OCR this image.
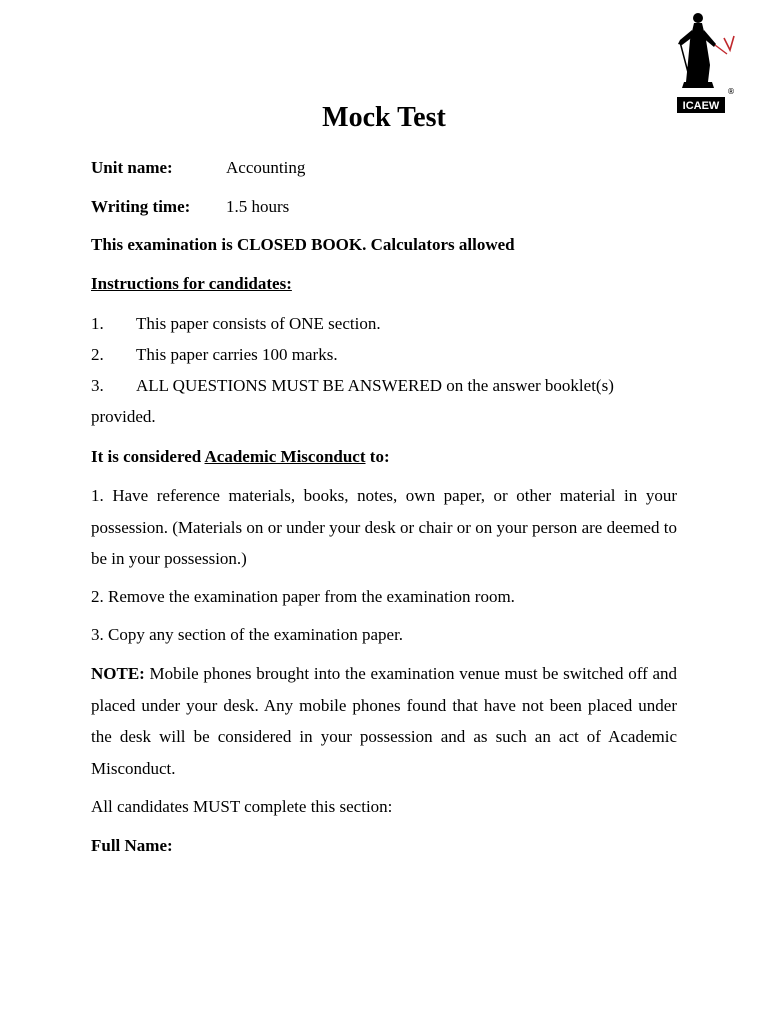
®
ICAEW
Mock Test
Unit name:	Accounting
Writing time: 1.5 hours
This examination is CLOSED BOOK. Calculators allowed
Instructions for candidates:
1. This paper consists of ONE section.
2. This paper carries 100 marks.
3. ALL QUESTIONS MUST BE ANSWERED on the answer booklet(s)
provided.
It is considered Academic Misconduct to:
1. Have reference materials, books, notes, own paper, or other material in your possession. (Materials on or under your desk or chair or on your person are deemed to be in your possession.)
2. Remove the examination paper from the examination room.
3. Copy any section of the examination paper.
NOTE: Mobile phones brought into the examination venue must be switched off and placed under your desk. Any mobile phones found that have not been placed under the desk will be considered in your possession and as such an act of Academic Misconduct.
All candidates MUST complete this section:
Full Name:
